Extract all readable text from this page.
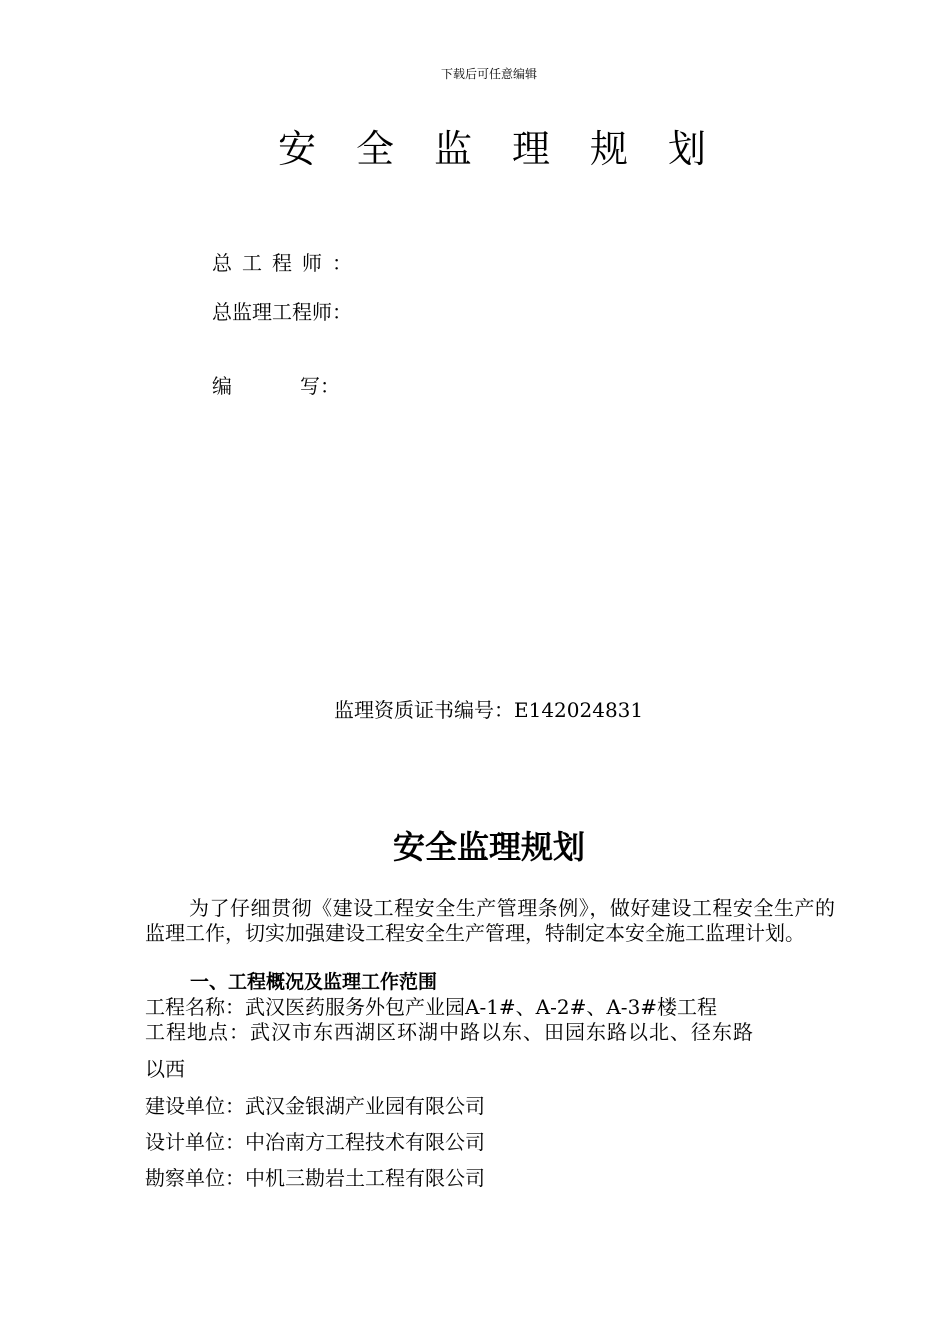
下载后可任意编辑
安全监理规划
总工程师：
总监理工程师：
编	写：
监理资质证书编号：E142024831
安全监理规划
为了仔细贯彻《建设工程安全生产管理条例》，做好建设工程安全生产的监理工作，切实加强建设工程安全生产管理，特制定本安全施工监理计划。
一、工程概况及监理工作范围
工程名称：武汉医药服务外包产业园A-1#、A-2#、A-3#楼工程
工程地点：武汉市东西湖区环湖中路以东、田园东路以北、径东路
以西
建设单位：武汉金银湖产业园有限公司
设计单位：中冶南方工程技术有限公司
勘察单位：中机三勘岩土工程有限公司
